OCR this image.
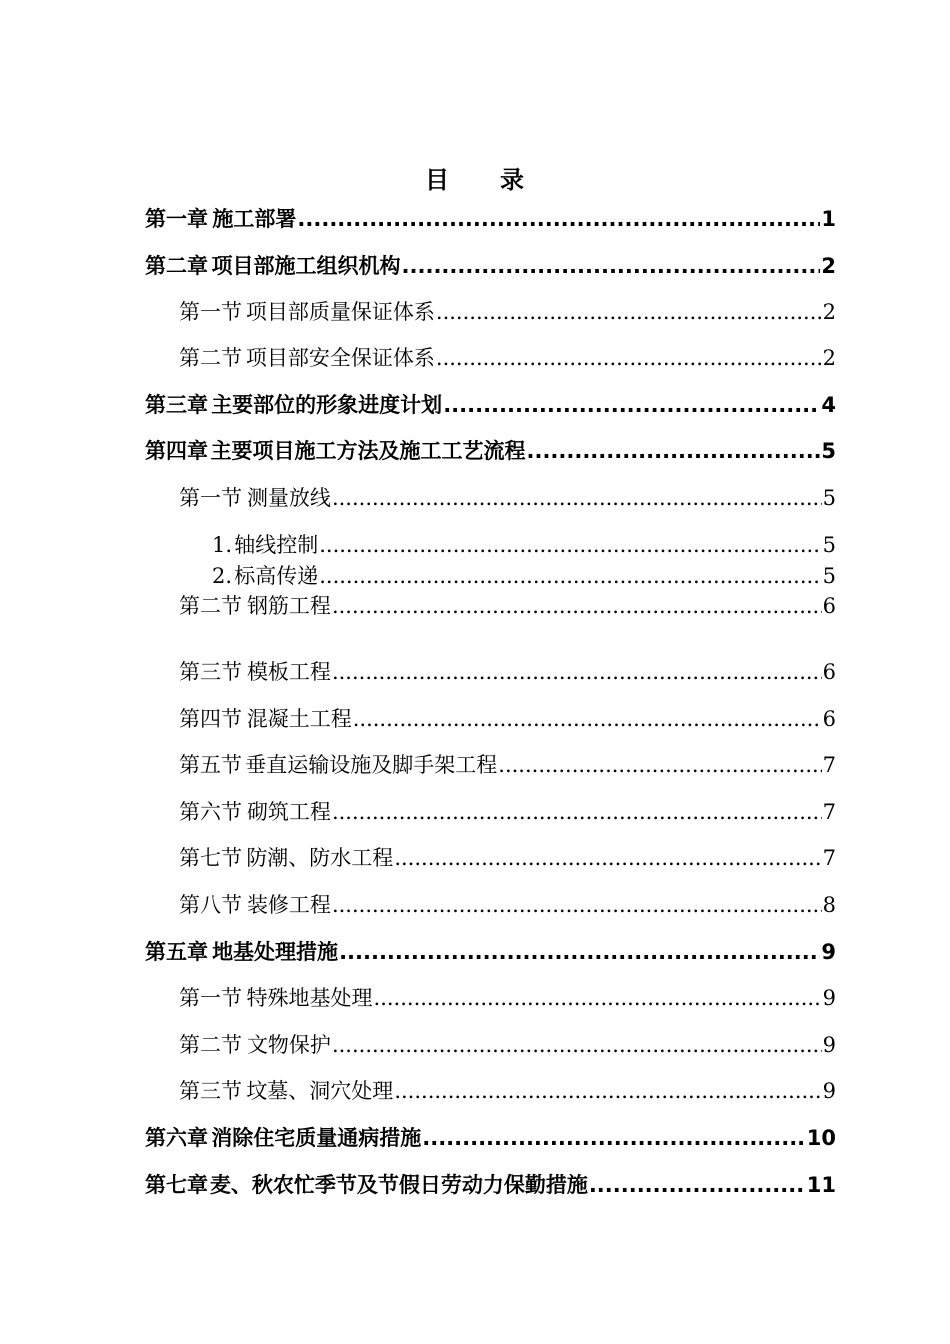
目　　录
第一章 施工部署 .....	1
第二章 项目部施工组织机构 .....	2
第一节 项目部质量保证体系 .....	2
第二节 项目部安全保证体系 .....	2
第三章 主要部位的形象进度计划 .....	4
第四章 主要项目施工方法及施工工艺流程 .....	5
第一节 测量放线 .....	5
1. 轴线控制 .....	5
2. 标高传递 .....	5
第二节 钢筋工程 .....	6
第三节 模板工程 .....	6
第四节 混凝土工程 .....	6
第五节 垂直运输设施及脚手架工程 .....	7
第六节 砌筑工程 .....	7
第七节 防潮、防水工程 .....	7
第八节 装修工程 .....	8
第五章 地基处理措施 .....	9
第一节 特殊地基处理 .....	9
第二节 文物保护 .....	9
第三节 坟墓、洞穴处理 .....	9
第六章 消除住宅质量通病措施 .....	10
第七章 麦、秋农忙季节及节假日劳动力保勤措施 .....	11
